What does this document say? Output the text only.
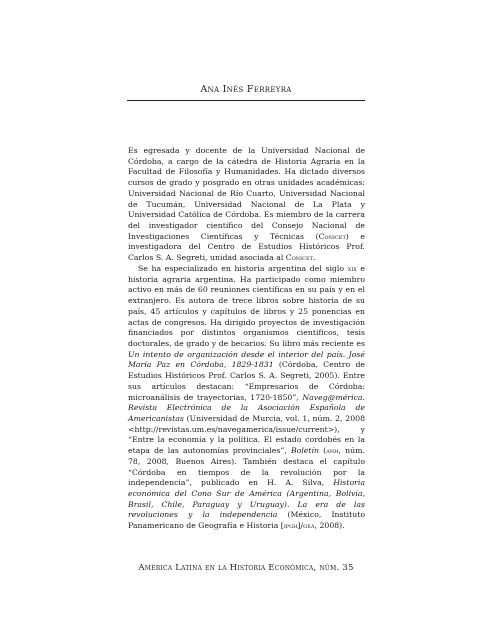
Ana Inés Ferreyra

Es egresada y docente de la Universidad Nacional de Córdoba, a cargo de la cátedra de Historia Agraria en la Facultad de Filosofía y Humanidades. Ha dictado diversos cursos de grado y posgrado en otras unidades académicas: Universidad Nacional de Río Cuarto, Universidad Nacional de Tucumán, Universidad Nacional de La Plata y Universidad Católica de Córdoba. Es miembro de la carrera del investigador científico del Consejo Nacional de Investigaciones Científicas y Técnicas (Conicet) e investigadora del Centro de Estudios Históricos Prof. Carlos S. A. Segreti, unidad asociada al Conicet.

Se ha especializado en historia argentina del siglo xix e historia agraria argentina. Ha participado como miembro activo en más de 60 reuniones científicas en su país y en el extranjero. Es autora de trece libros sobre historia de su país, 45 artículos y capítulos de libros y 25 ponencias en actas de congresos. Ha dirigido proyectos de investigación financiados por distintos organismos científicos, tesis doctorales, de grado y de becarios. Su libro más reciente es Un intento de organización desde el interior del país. José María Paz en Córdoba, 1829-1831 (Córdoba, Centro de Estudios Históricos Prof. Carlos S. A. Segreti, 2005). Entre sus artículos destacan: “Empresarios de Córdoba: microanálisis de trayectorias, 1720-1850”, Naveg@mérica. Revista Electrónica de la Asociación Española de Americanistas (Universidad de Murcia, vol. 1, núm. 2, 2008 <http://revistas.um.es/navegamerica/issue/current>), y “Entre la economía y la política. El estado cordobés en la etapa de las autonomías provinciales”, Boletín (anh, núm. 78, 2008, Buenos Aires). También destaca el capítulo “Córdoba en tiempos de la revolución por la independencia”, publicado en H. A. Silva, Historia económica del Cono Sur de América (Argentina, Bolivia, Brasil, Chile, Paraguay y Uruguay). La era de las revoluciones y la independencia (México, Instituto Panamericano de Geografía e Historia [ipgh]/oea, 2008).

América Latina en la Historia Económica, núm. 35
